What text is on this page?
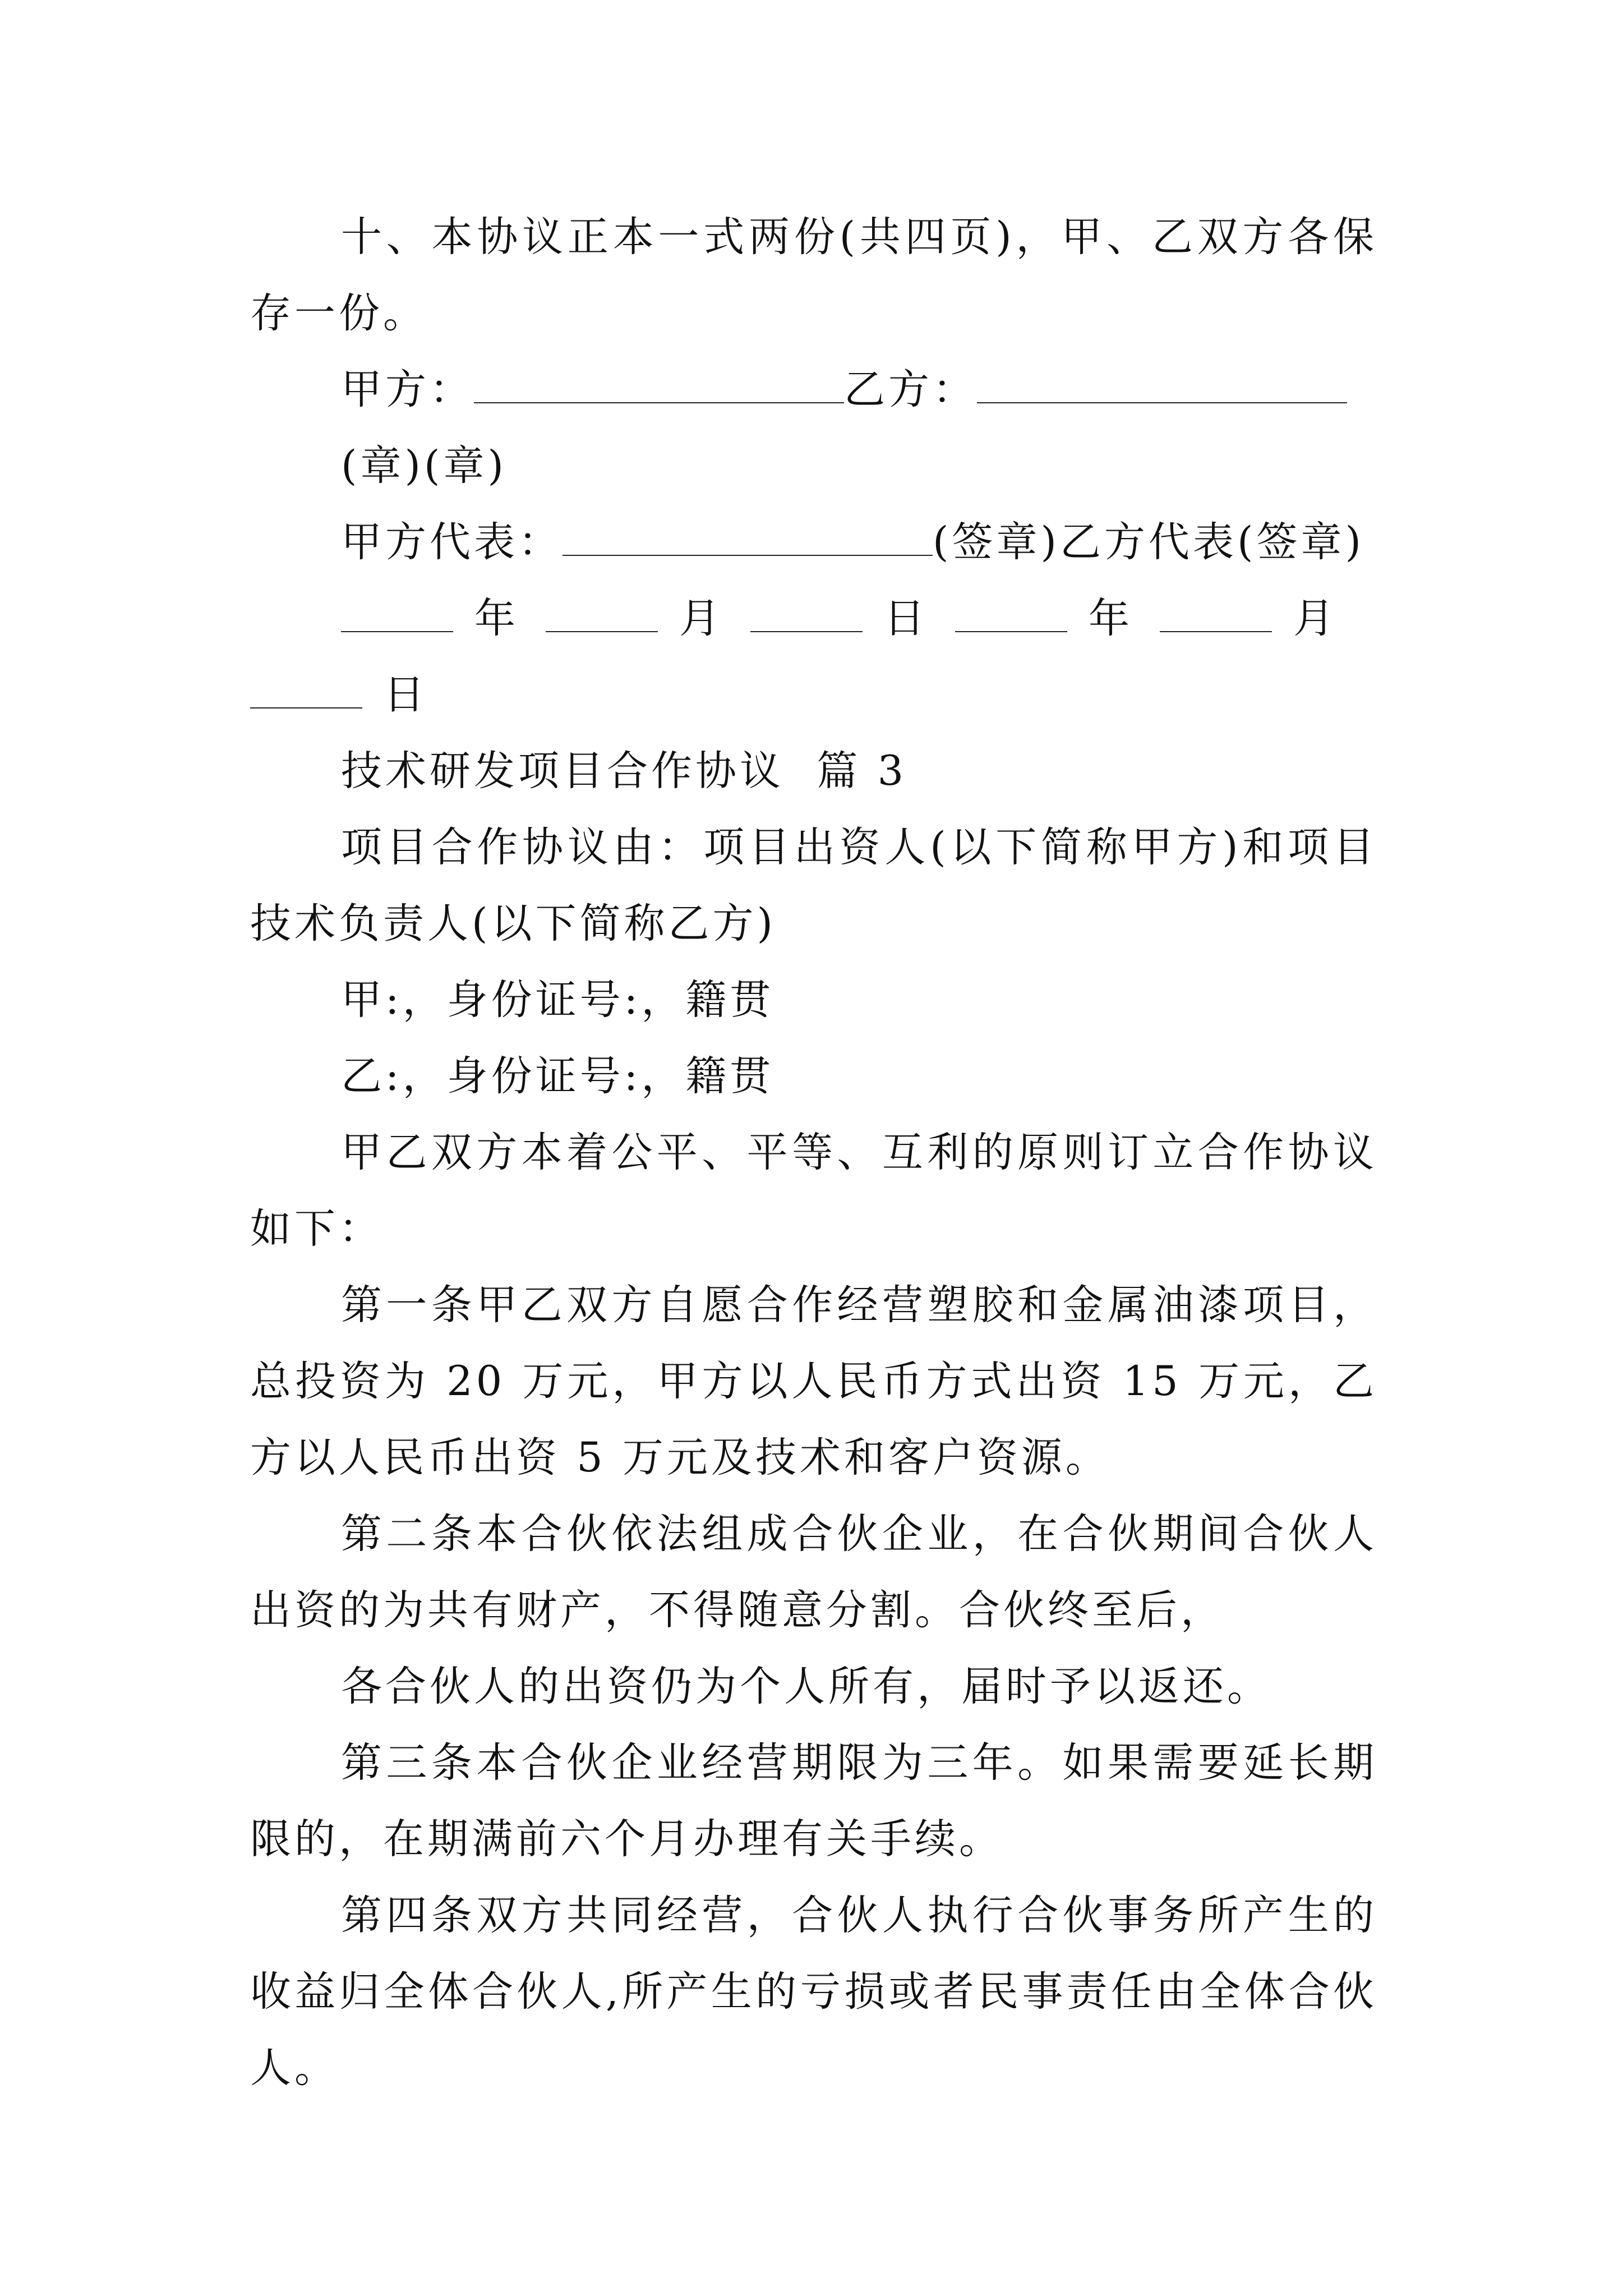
十、本协议正本一式两份(共四页)，甲、乙双方各保存一份。

甲方：	乙方：

(章)(章)

甲方代表：	(签章)乙方代表(签章)

年	月	日	年	月

日

技术研发项目合作协议  篇 3

项目合作协议由：项目出资人(以下简称甲方)和项目技术负责人(以下简称乙方)

甲:，身份证号:，籍贯

乙:，身份证号:，籍贯

甲乙双方本着公平、平等、互利的原则订立合作协议如下：

第一条甲乙双方自愿合作经营塑胶和金属油漆项目，总投资为 20 万元，甲方以人民币方式出资 15 万元，乙方以人民币出资 5 万元及技术和客户资源。

第二条本合伙依法组成合伙企业，在合伙期间合伙人出资的为共有财产，不得随意分割。合伙终至后，

各合伙人的出资仍为个人所有，届时予以返还。

第三条本合伙企业经营期限为三年。如果需要延长期限的，在期满前六个月办理有关手续。

第四条双方共同经营，合伙人执行合伙事务所产生的收益归全体合伙人,所产生的亏损或者民事责任由全体合伙人。
